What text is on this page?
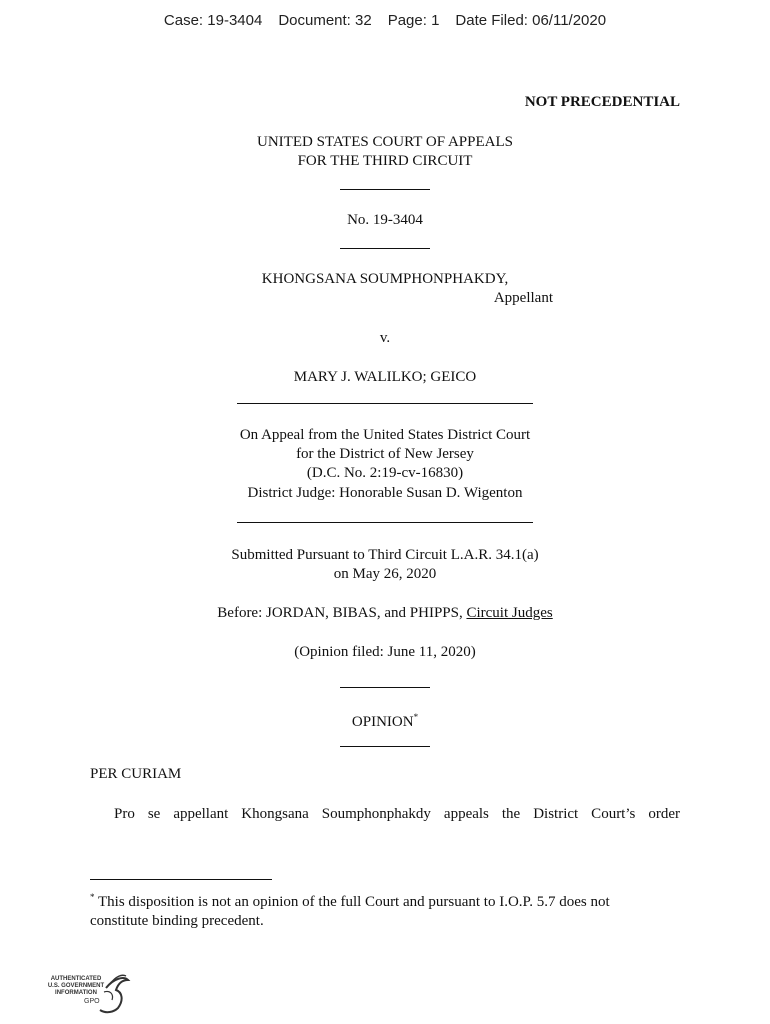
Case: 19-3404 Document: 32 Page: 1 Date Filed: 06/11/2020
NOT PRECEDENTIAL
UNITED STATES COURT OF APPEALS
FOR THE THIRD CIRCUIT
No. 19-3404
KHONGSANA SOUMPHONPHAKDY,
Appellant
v.
MARY J. WALILKO; GEICO
On Appeal from the United States District Court
for the District of New Jersey
(D.C. No. 2:19-cv-16830)
District Judge: Honorable Susan D. Wigenton
Submitted Pursuant to Third Circuit L.A.R. 34.1(a)
on May 26, 2020
Before: JORDAN, BIBAS, and PHIPPS, Circuit Judges
(Opinion filed: June 11, 2020)
OPINION*
PER CURIAM
Pro se appellant Khongsana Soumphonphakdy appeals the District Court’s order
* This disposition is not an opinion of the full Court and pursuant to I.O.P. 5.7 does not
constitute binding precedent.
AUTHENTICATED
U.S. GOVERNMENT
INFORMATION
GPO
